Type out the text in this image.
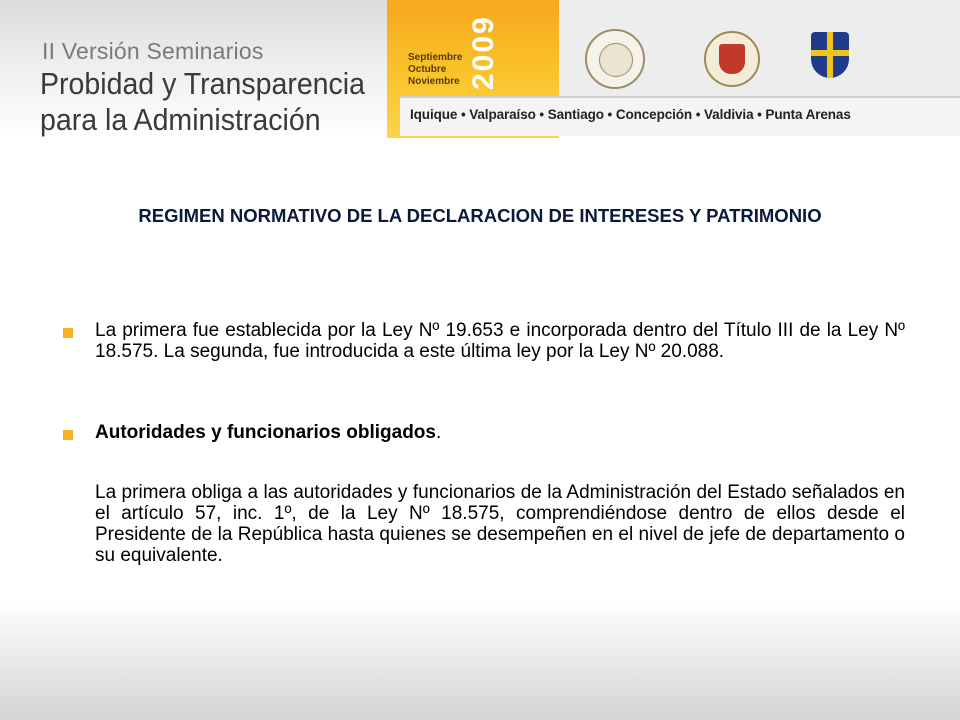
II Versión Seminarios
Probidad y Transparencia
para la Administración
Septiembre
Octubre
Noviembre 2009
Iquique • Valparaíso • Santiago • Concepción • Valdivia • Punta Arenas
REGIMEN NORMATIVO DE LA DECLARACION DE INTERESES Y PATRIMONIO
La primera fue establecida por la Ley Nº 19.653 e incorporada dentro del Título III de la Ley Nº 18.575. La segunda, fue introducida a este última ley por la Ley Nº 20.088.
Autoridades y funcionarios obligados.
La primera obliga a las autoridades y funcionarios de la Administración del Estado señalados en el artículo 57, inc. 1º, de la Ley Nº 18.575, comprendiéndose dentro de ellos desde el Presidente de la República hasta quienes se desempeñen en el nivel de jefe de departamento o su equivalente.
